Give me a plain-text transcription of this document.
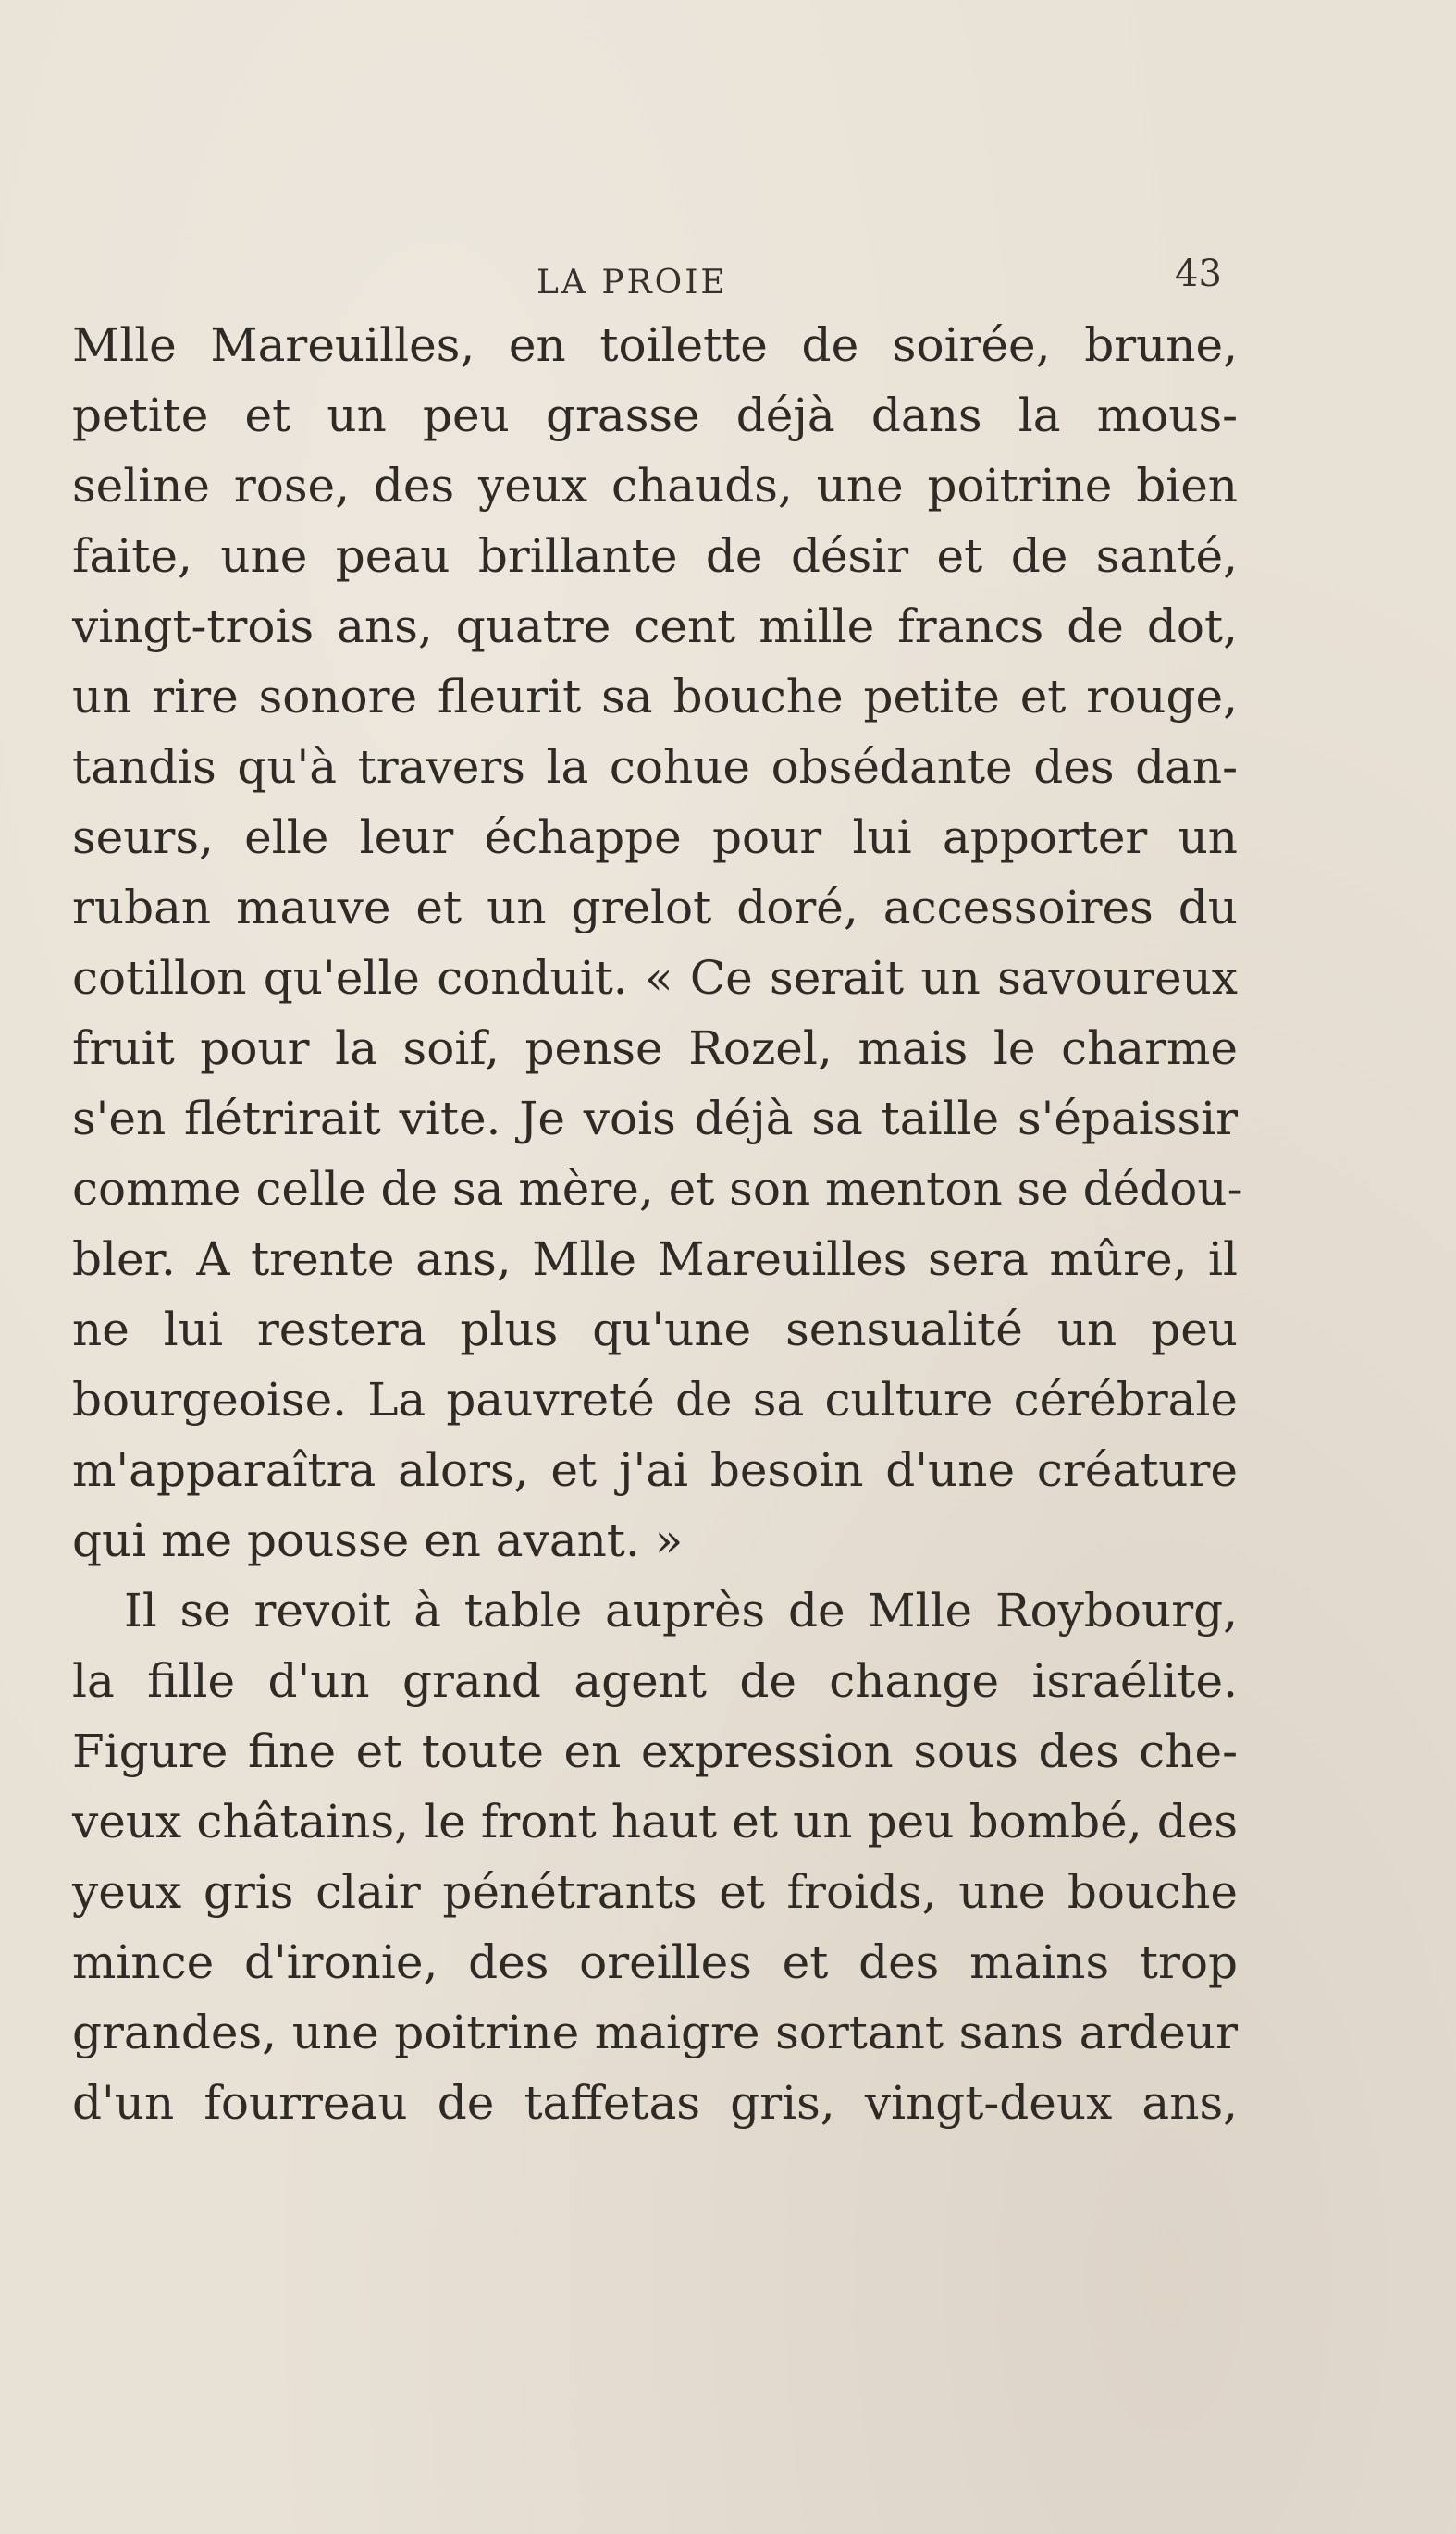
LA PROIE	43
Mlle Mareuilles, en toilette de soirée, brune,
petite et un peu grasse déjà dans la mous-
seline rose, des yeux chauds, une poitrine bien
faite, une peau brillante de désir et de santé,
vingt-trois ans, quatre cent mille francs de dot,
un rire sonore fleurit sa bouche petite et rouge,
tandis qu'à travers la cohue obsédante des dan-
seurs, elle leur échappe pour lui apporter un
ruban mauve et un grelot doré, accessoires du
cotillon qu'elle conduit. « Ce serait un savoureux
fruit pour la soif, pense Rozel, mais le charme
s'en flétrirait vite. Je vois déjà sa taille s'épaissir
comme celle de sa mère, et son menton se dédou-
bler. A trente ans, Mlle Mareuilles sera mûre, il
ne lui restera plus qu'une sensualité un peu
bourgeoise. La pauvreté de sa culture cérébrale
m'apparaîtra alors, et j'ai besoin d'une créature
qui me pousse en avant. »
Il se revoit à table auprès de Mlle Roybourg,
la fille d'un grand agent de change israélite.
Figure fine et toute en expression sous des che-
veux châtains, le front haut et un peu bombé, des
yeux gris clair pénétrants et froids, une bouche
mince d'ironie, des oreilles et des mains trop
grandes, une poitrine maigre sortant sans ardeur
d'un fourreau de taffetas gris, vingt-deux ans,
